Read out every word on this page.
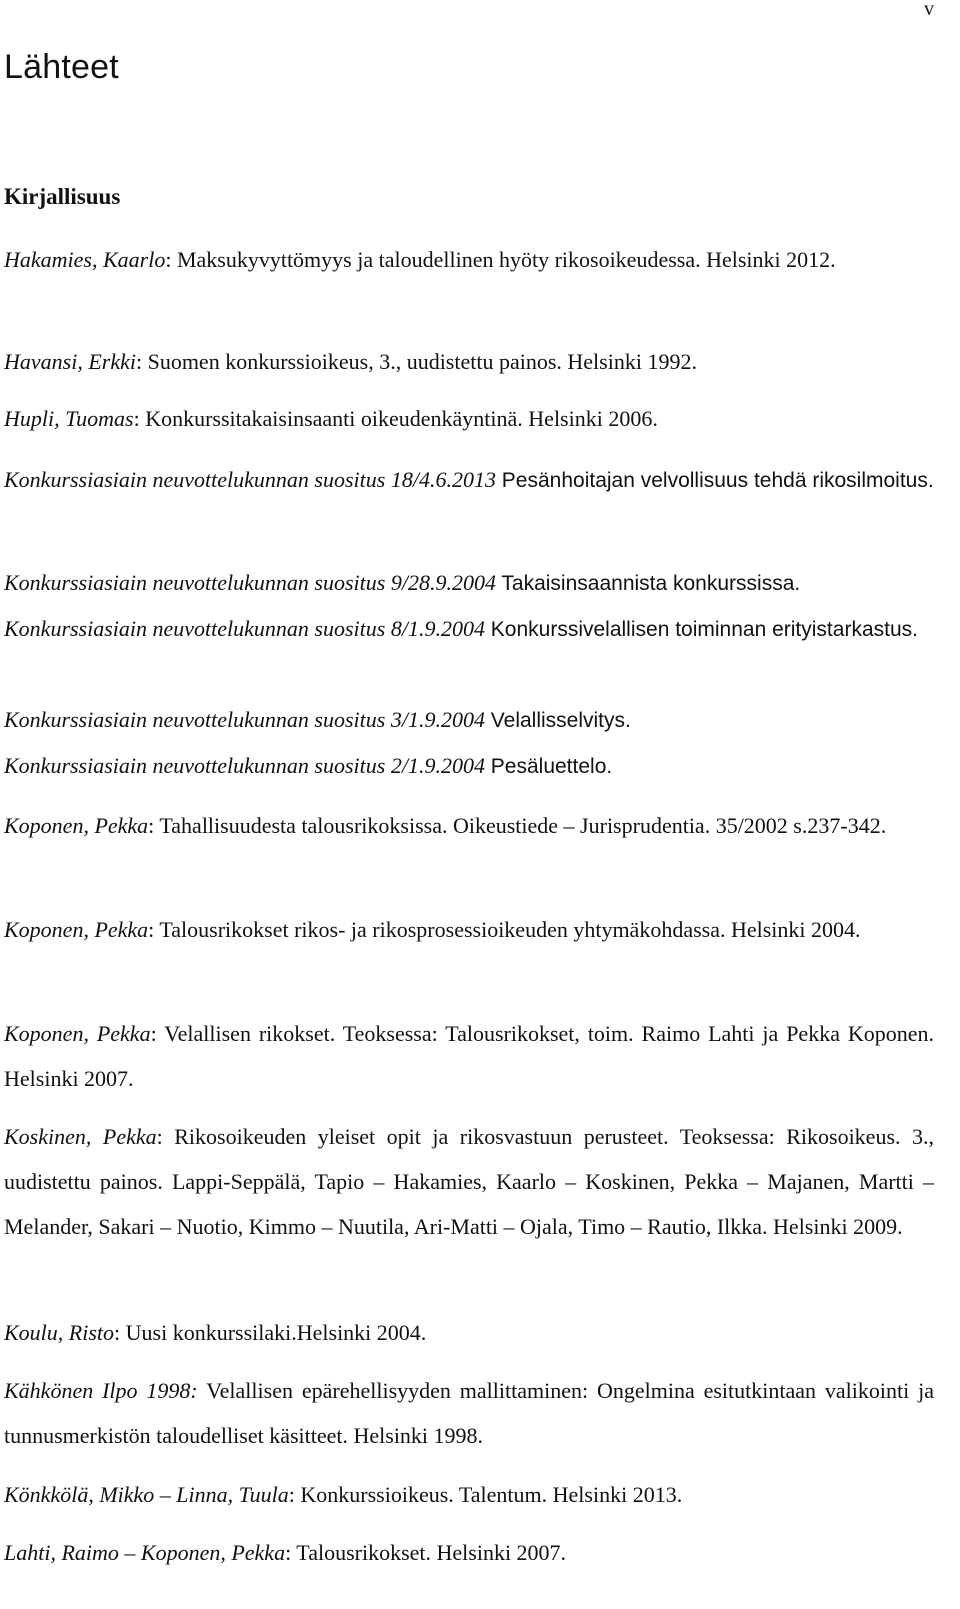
v
Lähteet
Kirjallisuus

Hakamies, Kaarlo: Maksukyvyttömyys ja taloudellinen hyöty rikosoikeudessa. Helsinki 2012.

Havansi, Erkki: Suomen konkurssioikeus, 3., uudistettu painos. Helsinki 1992.

Hupli, Tuomas: Konkurssitakaisinsaanti oikeudenkäyntinä. Helsinki 2006.

Konkurssiasiain neuvottelukunnan suositus 18/4.6.2013 Pesänhoitajan velvollisuus tehdä rikosilmoitus.

Konkurssiasiain neuvottelukunnan suositus 9/28.9.2004 Takaisinsaannista konkurssissa.

Konkurssiasiain neuvottelukunnan suositus 8/1.9.2004 Konkurssivelallisen toiminnan erityistarkastus.

Konkurssiasiain neuvottelukunnan suositus 3/1.9.2004 Velallisselvitys.

Konkurssiasiain neuvottelukunnan suositus 2/1.9.2004 Pesäluettelo.

Koponen, Pekka: Tahallisuudesta talousrikoksissa. Oikeustiede – Jurisprudentia. 35/2002 s.237-342.

Koponen, Pekka: Talousrikokset rikos- ja rikosprosessioikeuden yhtymäkohdassa. Helsinki 2004.

Koponen, Pekka: Velallisen rikokset. Teoksessa: Talousrikokset, toim. Raimo Lahti ja Pekka Koponen. Helsinki 2007.

Koskinen, Pekka: Rikosoikeuden yleiset opit ja rikosvastuun perusteet. Teoksessa: Rikosoikeus. 3., uudistettu painos. Lappi-Seppälä, Tapio – Hakamies, Kaarlo – Koskinen, Pekka – Majanen, Martti – Melander, Sakari – Nuotio, Kimmo – Nuutila, Ari-Matti – Ojala, Timo – Rautio, Ilkka. Helsinki 2009.

Koulu, Risto: Uusi konkurssilaki.Helsinki 2004.

Kähkönen Ilpo 1998: Velallisen epärehellisyyden mallittaminen: Ongelmina esitutkintaan valikointi ja tunnusmerkistön taloudelliset käsitteet. Helsinki 1998.

Könkkölä, Mikko – Linna, Tuula: Konkurssioikeus. Talentum. Helsinki 2013.

Lahti, Raimo – Koponen, Pekka: Talousrikokset. Helsinki 2007.
